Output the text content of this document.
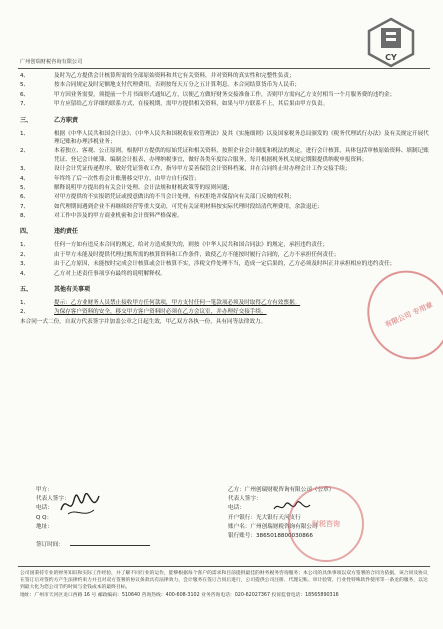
CY
广州创瑞财税咨询有限公司
4、	及时为乙方提供会计核算所需的全部原始资料和其它有关资料，并对资料的真实性和完整性负责；
5、	按本合同规定及时足额地支付代理费用，否则按每天万分之五计算利息。本合同结算货币为人民币；
6、	甲方因业务需要，须提前一个月书面形式通知乙方，以便乙方做好财务交接准备工作，否则甲方需向乙方支付相当一个月服务费的违约金；
7、	甲方应留给乙方详细的联系方式，在接税期，需甲方提供相关资料，如果与甲方联系不上，其后果由甲方负责。
三、	乙方职责
1、	根据《中华人民共和国会计法》、《中华人民共和国税收征收管理法》及其《实施细则》以及国家税务总局颁发的《税务代理试行办法》及有关规定开展代理记账和办理涉税业务；
2、	本着独立、客观、公正原则，根据甲方提供的原始凭证和相关资料，按照企业会计制度和税法的规定，进行会计核算，具体包括审核原始资料、填制记账凭证、登记会计帐簿、编制会计报表，办理纳税事宜，做好各类年度综合服务，每月根据税务机关规定期限提供纳税申报资料；
3、	设计会计凭证传递程序，敏好凭证签收工作，指导甲方妥善保管会计资料档案，并在合同终止时办理会计工作交接手续；
4、	年终终了后一次性将会计账册移交甲方，由甲方自行保管；
5、	解释说明甲方提出的有关会计处理、会计法规和财税政策等的原则问题；
6、	对甲方提供的不实报销凭证或授意做出的不当会计处理，有权拒绝并保留向有关部门反映的权利；
7、	如代理期间遇到企业不再继续经营等重大变动，可凭有关证明材料按实际代理时段结清代理费用，余款退还；
8、	对工作中涉及的甲方商业机密和会计资料严格保密。
四、	违约责任
1、	任何一方如有违反本合同的规定，给对方造成损失的，则按《中华人民共和国合同法》的规定，承担违约责任；
2、	由于甲方未能及时提供代理过账所需的核算资料和工作条件，致使乙方不能按时履行合同的，乙方不承担任何责任；
3、	由于乙方原因，未能按时完成会计核算或会计核算不实，涉税文件处理不当，造成一定后果的，乙方必须及时纠正并承担相应的违约责任；
4、	乙方对上述责任事项享有最终的说明解释权。
五、	其他有关事项
1、	提示：乙方业财务人员禁止接收甲方任何款项，甲方支付任何一笔款项必须及时取得乙方有效票据。
2、	为保存客户资料的安全，移交甲方客户资料时必须在乙方会议室，并办理好交接手续。
本合同一式二份，自双方代表签字并加盖公章之日起生效，甲乙双方各执一份，具有同等法律效力。
甲方：
代表人签字：
电话：
Q Q：
地址：
乙方：广州创瑞财税咨询有限公司（公章）
代表人签字：
电话：
开户银行：光大银行天河支行
账户名：广州创瑞财税咨询有限公司
银行账号：3865018800030866
签订时间：
有限公司 专用章
财税咨询
公司国秉持专业的财务知识和实际工作经验，并了解不同行业的运作，能够根据每个客户的需求和目前提供最佳的财务税务咨询服务；本公司的具体事项以双方签署的合同为依据，该合同及协议在签订后对签约方产生法律约束力并且对双方签署的协议条款具有法律效力，会计服务在签订合同后进行，公司提供公司注册、代理记账、审计验资、行业性特殊软件使用等一条龙的服务，以达到最大化为您公司节约时间与金钱成本的最终目标。
地址：广州市天河区龙口西路 16 号 邮政编码：510640 咨询热线：400-608-3102 业务咨询电话：020-62027367 投诉监督电话：18565890316
